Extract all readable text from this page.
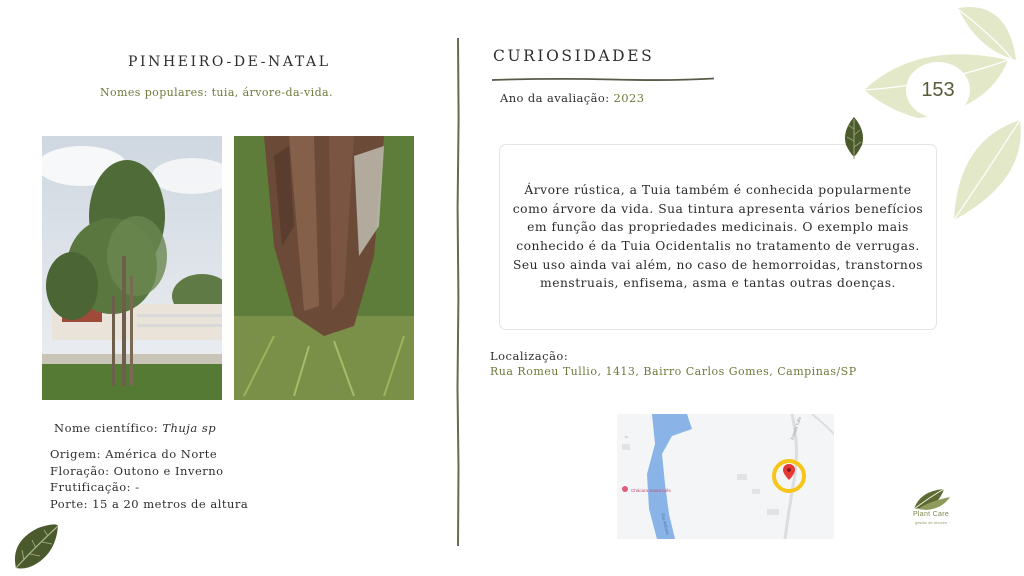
PINHEIRO-DE-NATAL
Nomes populares: tuia, árvore-da-vida.
Nome científico: Thuja sp
Origem: América do Norte
Floração: Outono e Inverno
Frutificação: -
Porte: 15 a 20 metros de altura
CURIOSIDADES
Ano da avaliação: 2023
Árvore rústica, a Tuia também é conhecida popularmente como árvore da vida. Sua tintura apresenta vários benefícios em função das propriedades medicinais. O exemplo mais conhecido é da Tuia Ocidentalis no tratamento de verrugas. Seu uso ainda vai além, no caso de hemorroidas, transtornos menstruais, enfisema, asma e tantas outras doenças.
Localização:
Rua Romeu Tullio, 1413, Bairro Carlos Gomes, Campinas/SP
••
Chácara Santa Inês
Rio Atibaia
Estrada Tullio
153
Plant Care
gestão de árvores
